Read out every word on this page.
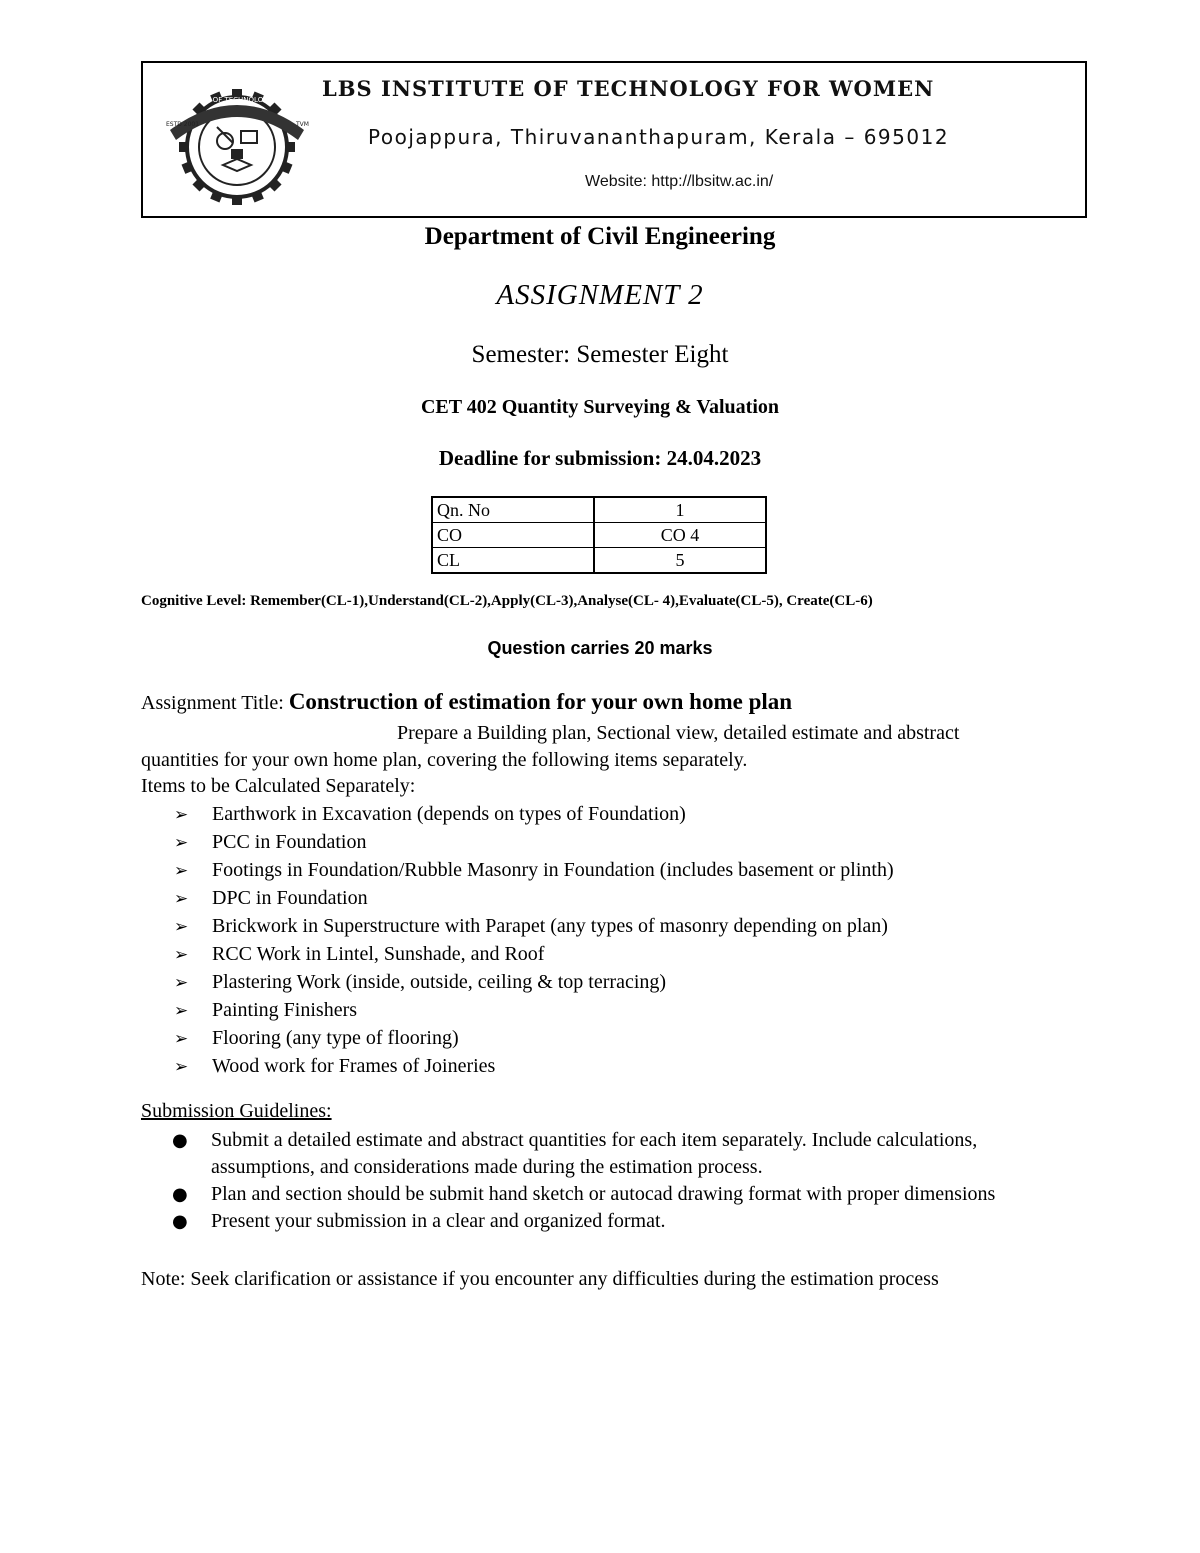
L B S INSTITUTE OF TECHNOLOGY FOR WOMEN
ESTD 2001	TVM
LBS INSTITUTE OF TECHNOLOGY FOR WOMEN
Poojappura, Thiruvananthapuram, Kerala – 695012
Website: http://lbsitw.ac.in/
Department of Civil Engineering
ASSIGNMENT 2
Semester: Semester Eight
CET 402 Quantity Surveying & Valuation
Deadline for submission: 24.04.2023
Qn. No	1
CO	CO 4
CL	5
Cognitive Level: Remember(CL-1),Understand(CL-2),Apply(CL-3),Analyse(CL- 4),Evaluate(CL-5), Create(CL-6)
Question carries 20 marks
Assignment Title: Construction of estimation for your own home plan
Prepare a Building plan, Sectional view, detailed estimate and abstract quantities for your own home plan, covering the following items separately.
Items to be Calculated Separately:
➢ Earthwork in Excavation (depends on types of Foundation)
➢ PCC in Foundation
➢ Footings in Foundation/Rubble Masonry in Foundation (includes basement or plinth)
➢ DPC in Foundation
➢ Brickwork in Superstructure with Parapet (any types of masonry depending on plan)
➢ RCC Work in Lintel, Sunshade, and Roof
➢ Plastering Work (inside, outside, ceiling & top terracing)
➢ Painting Finishers
➢ Flooring (any type of flooring)
➢ Wood work for Frames of Joineries
Submission Guidelines:
●	Submit a detailed estimate and abstract quantities for each item separately. Include calculations, assumptions, and considerations made during the estimation process.
●	Plan and section should be submit hand sketch or autocad drawing format with proper dimensions
●	Present your submission in a clear and organized format.
Note: Seek clarification or assistance if you encounter any difficulties during the estimation process
